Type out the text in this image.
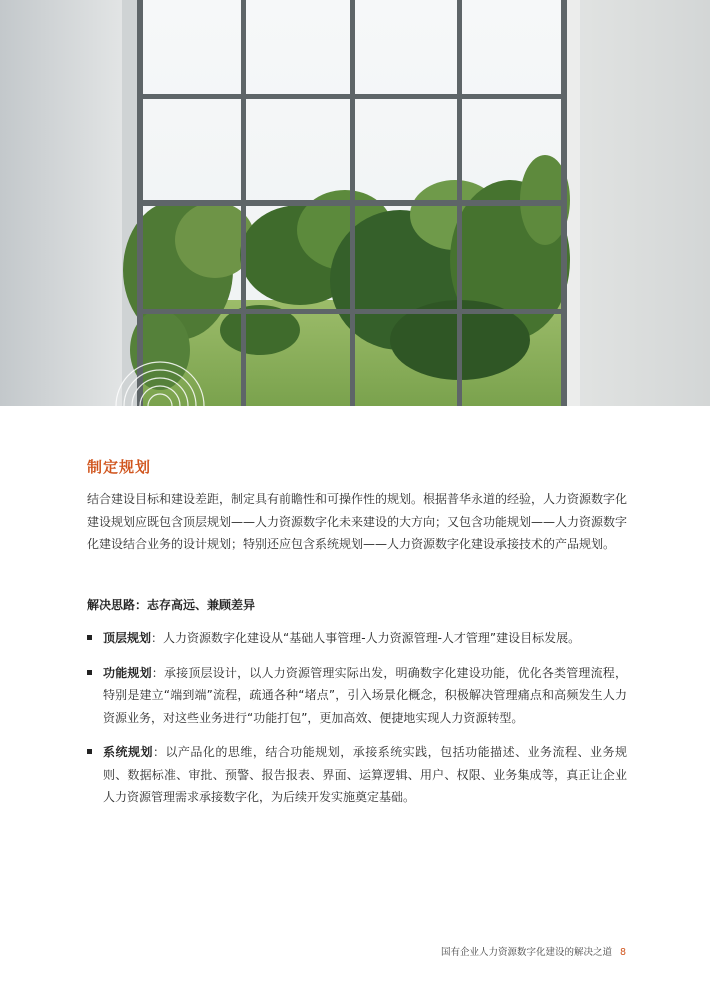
制定规划

结合建设目标和建设差距，制定具有前瞻性和可操作性的规划。根据普华永道的经验，人力资源数字化建设规划应既包含顶层规划——人力资源数字化未来建设的大方向；又包含功能规划——人力资源数字化建设结合业务的设计规划；特别还应包含系统规划——人力资源数字化建设承接技术的产品规划。

解决思路：志存高远、兼顾差异

顶层规划：人力资源数字化建设从“基础人事管理-人力资源管理-人才管理”建设目标发展。
功能规划：承接顶层设计，以人力资源管理实际出发，明确数字化建设功能，优化各类管理流程，特别是建立“端到端”流程，疏通各种“堵点”，引入场景化概念，积极解决管理痛点和高频发生人力资源业务，对这些业务进行“功能打包”，更加高效、便捷地实现人力资源转型。
系统规划：以产品化的思维，结合功能规划，承接系统实践，包括功能描述、业务流程、业务规则、数据标准、审批、预警、报告报表、界面、运算逻辑、用户、权限、业务集成等，真正让企业人力资源管理需求承接数字化，为后续开发实施奠定基础。
国有企业人力资源数字化建设的解决之道 8
